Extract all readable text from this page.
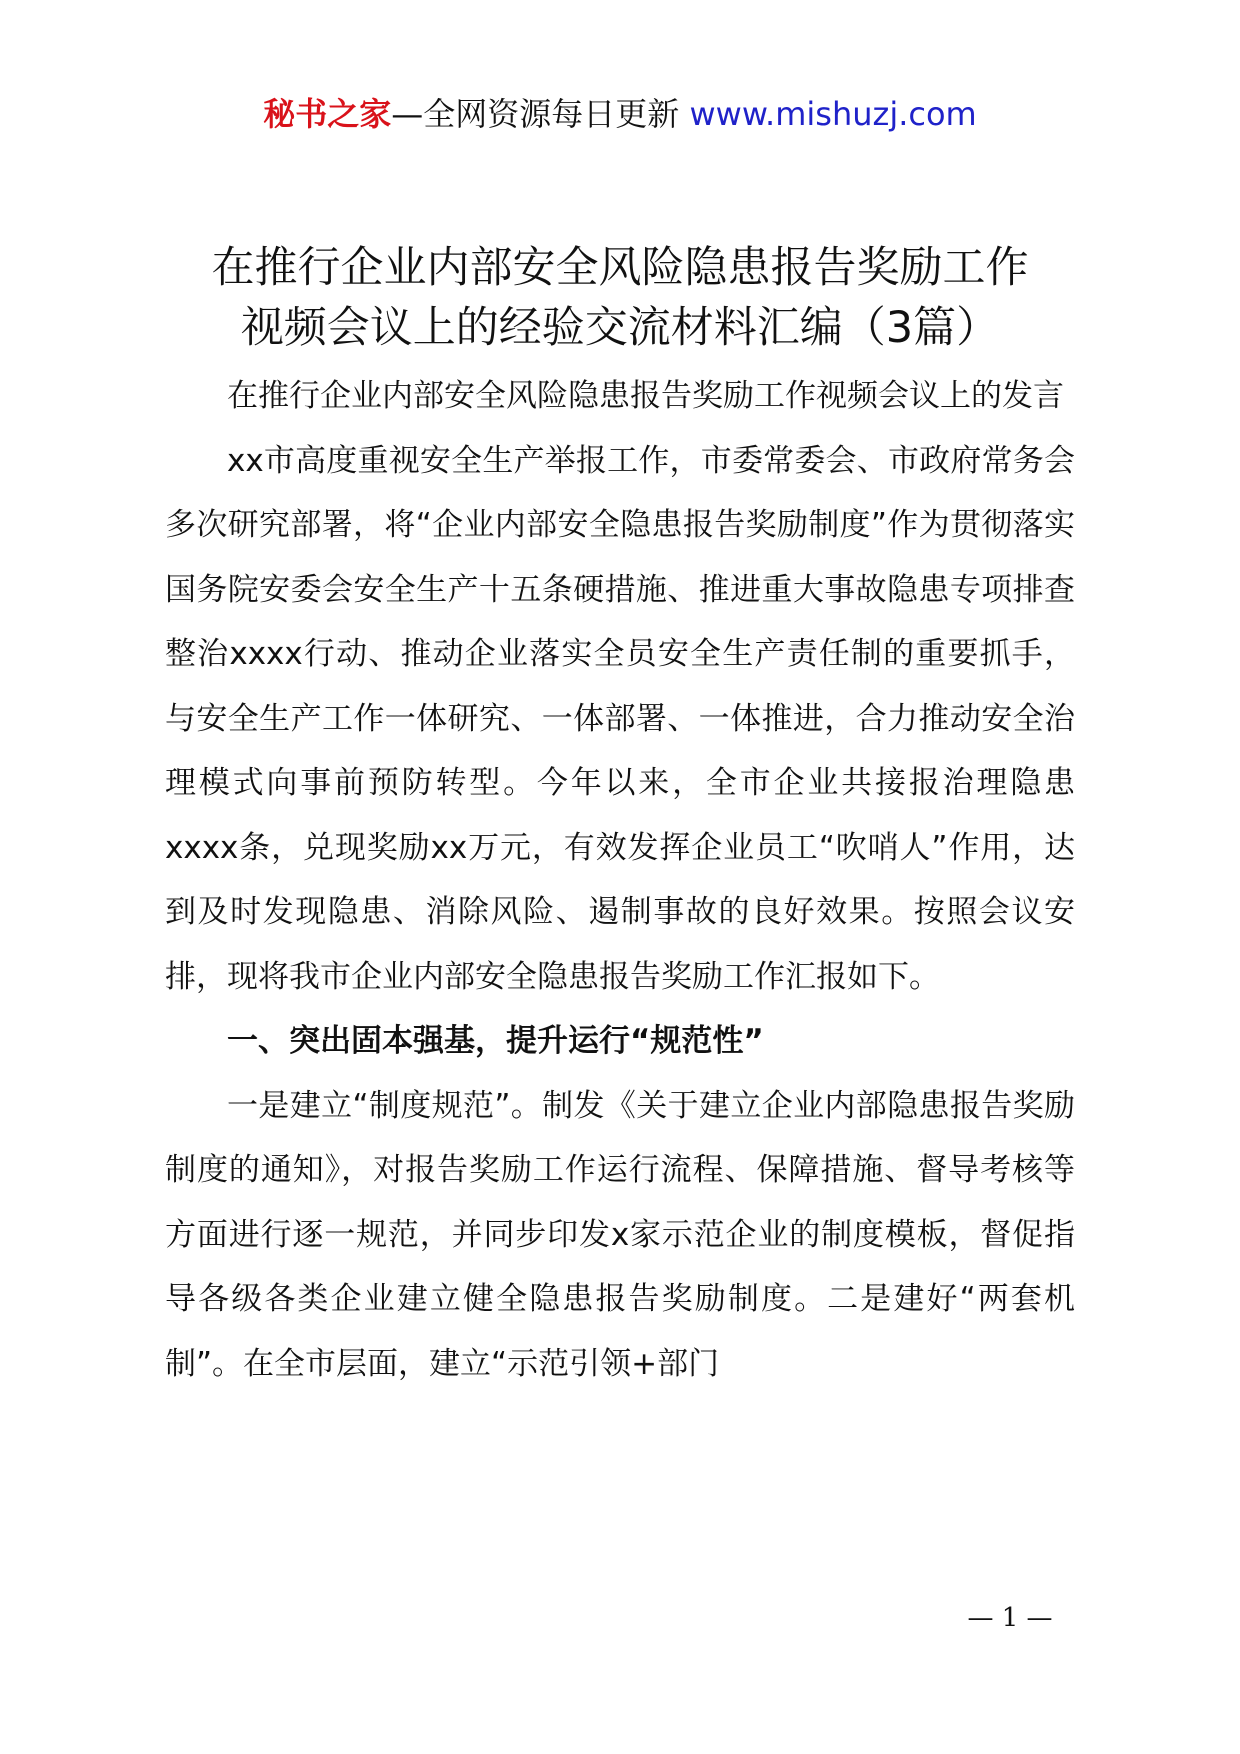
秘书之家—全网资源每日更新 www.mishuzj.com
在推行企业内部安全风险隐患报告奖励工作
视频会议上的经验交流材料汇编（3篇）

在推行企业内部安全风险隐患报告奖励工作视频会议上的发言

xx市高度重视安全生产举报工作，市委常委会、市政府常务会多次研究部署，将“企业内部安全隐患报告奖励制度”作为贯彻落实国务院安委会安全生产十五条硬措施、推进重大事故隐患专项排查整治xxxx行动、推动企业落实全员安全生产责任制的重要抓手，与安全生产工作一体研究、一体部署、一体推进，合力推动安全治理模式向事前预防转型。今年以来，全市企业共接报治理隐患xxxx条，兑现奖励xx万元，有效发挥企业员工“吹哨人”作用，达到及时发现隐患、消除风险、遏制事故的良好效果。按照会议安排，现将我市企业内部安全隐患报告奖励工作汇报如下。

一、突出固本强基，提升运行“规范性”

一是建立“制度规范”。制发《关于建立企业内部隐患报告奖励制度的通知》，对报告奖励工作运行流程、保障措施、督导考核等方面进行逐一规范，并同步印发x家示范企业的制度模板，督促指导各级各类企业建立健全隐患报告奖励制度。二是建好“两套机制”。在全市层面，建立“示范引领+部门

— 1 —
